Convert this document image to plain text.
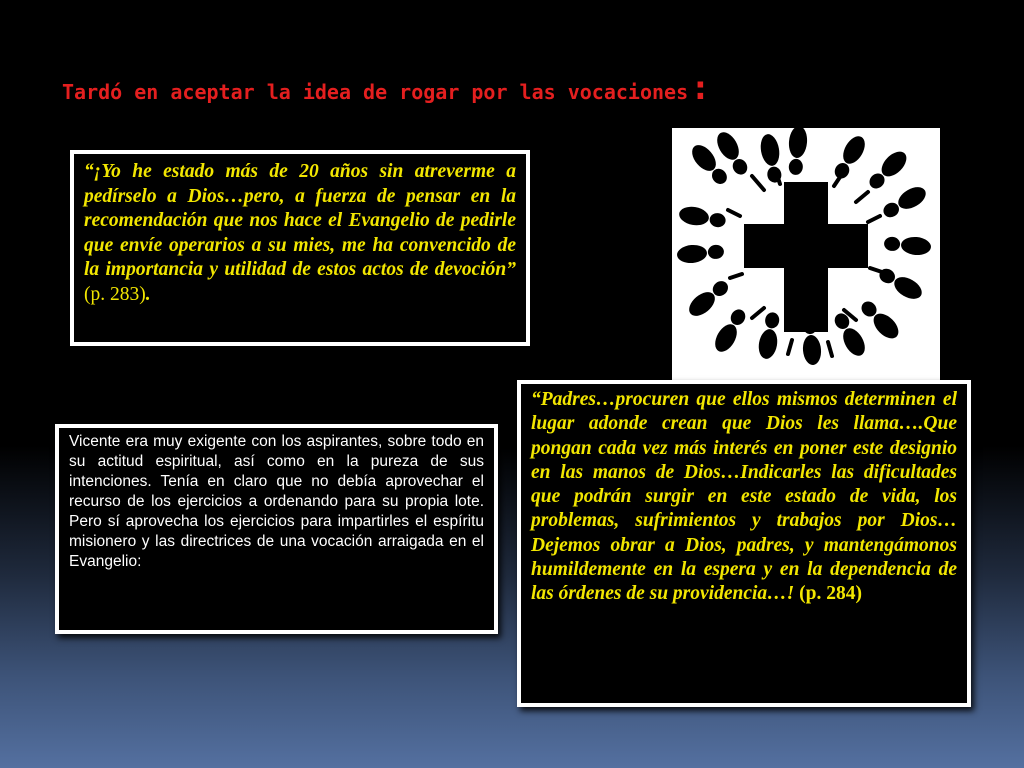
Tardó en aceptar la idea de rogar por las vocaciones:
“¡Yo he estado más de 20 años sin atreverme a pedírselo a Dios…pero, a fuerza de pensar en la recomendación que nos hace el Evangelio de pedirle que envíe operarios a su mies, me ha convencido de la importancia y utilidad de estos actos de devoción” (p. 283).
Vicente era muy exigente con los aspirantes, sobre todo en su actitud espiritual, así como en la pureza de sus intenciones. Tenía en claro que no debía aprovechar el recurso de los ejercicios a ordenando para su propia lote. Pero sí aprovecha los ejercicios para impartirles el espíritu misionero y las directrices de una vocación arraigada en el Evangelio:
“Padres…procuren que ellos mismos determinen el lugar adonde crean que Dios les llama….Que pongan cada vez más interés en poner este designio en las manos de Dios…Indicarles las dificultades que podrán surgir en este estado de vida, los problemas, sufrimientos y trabajos por Dios…Dejemos obrar a Dios, padres, y mantengámonos humildemente en la espera y en la dependencia de las órdenes de su providencia…! (p. 284)
